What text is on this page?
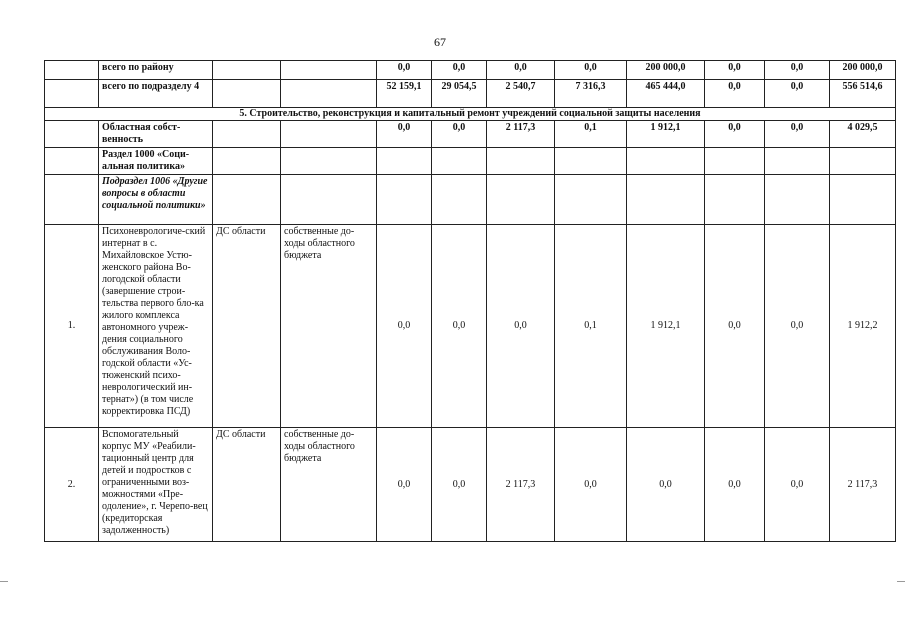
67
	всего по району			0,0	0,0	0,0	0,0	200 000,0	0,0	0,0	200 000,0
	всего по подразделу 4			52 159,1	29 054,5	2 540,7	7 316,3	465 444,0	0,0	0,0	556 514,6
5. Строительство, реконструкция и капитальный ремонт учреждений социальной защиты населения											
	Областная собст-венность			0,0	0,0	2 117,3	0,1	1 912,1	0,0	0,0	4 029,5
	Раздел 1000 «Соци-альная политика»										
	Подраздел 1006 «Другие вопросы в области социальной политики»										
1.	Психоневрологиче-ский интернат в с. Михайловское Устю-женского района Во-логодской области (завершение строи-тельства первого бло-ка жилого комплекса автономного учреж-дения социального обслуживания Воло-годской области «Ус-тюженский психо-неврологический ин-тернат») (в том числе корректировка ПСД)	ДС области	собственные до-ходы областного бюджета	0,0	0,0	0,0	0,1	1 912,1	0,0	0,0	1 912,2
2.	Вспомогательный корпус МУ «Реабили-тационный центр для детей и подростков с ограниченными воз-можностями «Пре-одоление», г. Черепо-вец (кредиторская задолженность)	ДС области	собственные до-ходы областного бюджета	0,0	0,0	2 117,3	0,0	0,0	0,0	0,0	2 117,3
